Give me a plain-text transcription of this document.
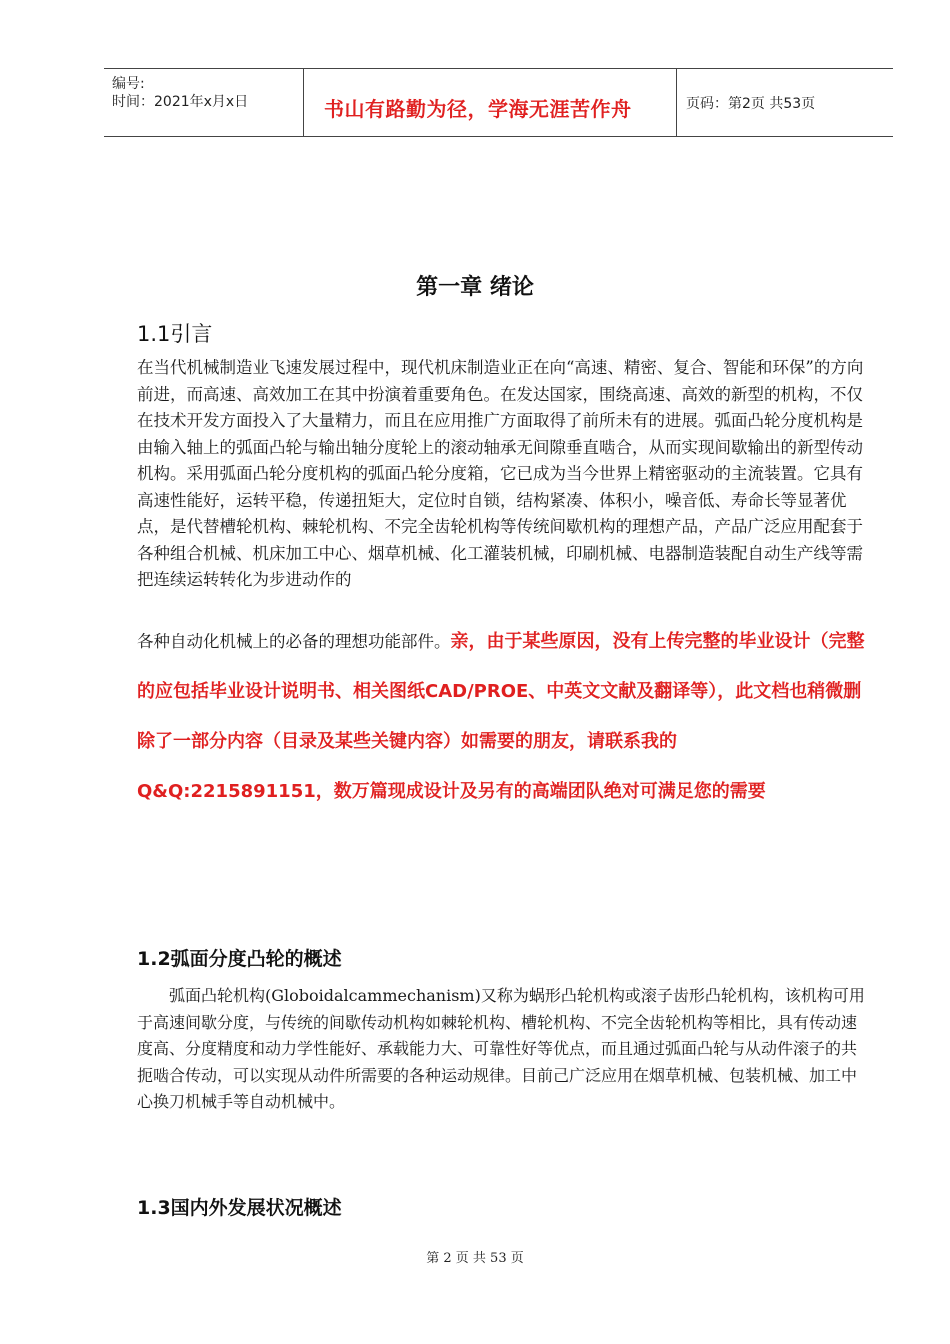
编号:
时间：2021年x月x日	书山有路勤为径，学海无涯苦作舟	页码：第2页 共53页
第一章 绪论
1.1引言
在当代机械制造业飞速发展过程中，现代机床制造业正在向“高速、精密、复合、智能和环保”的方向前进，而高速、高效加工在其中扮演着重要角色。在发达国家，围绕高速、高效的新型的机构，不仅在技术开发方面投入了大量精力，而且在应用推广方面取得了前所未有的进展。弧面凸轮分度机构是由输入轴上的弧面凸轮与输出轴分度轮上的滚动轴承无间隙垂直啮合，从而实现间歇输出的新型传动机构。采用弧面凸轮分度机构的弧面凸轮分度箱，它已成为当今世界上精密驱动的主流装置。它具有高速性能好，运转平稳，传递扭矩大，定位时自锁，结构紧凑、体积小，噪音低、寿命长等显著优点，是代替槽轮机构、棘轮机构、不完全齿轮机构等传统间歇机构的理想产品，产品广泛应用配套于各种组合机械、机床加工中心、烟草机械、化工灌装机械，印刷机械、电器制造装配自动生产线等需把连续运转转化为步进动作的
各种自动化机械上的必备的理想功能部件。亲，由于某些原因，没有上传完整的毕业设计（完整的应包括毕业设计说明书、相关图纸CAD/PROE、中英文文献及翻译等），此文档也稍微删除了一部分内容（目录及某些关键内容）如需要的朋友，请联系我的Q&Q:2215891151，数万篇现成设计及另有的高端团队绝对可满足您的需要
1.2弧面分度凸轮的概述
弧面凸轮机构(Globoidalcammechanism)又称为蜗形凸轮机构或滚子齿形凸轮机构，该机构可用于高速间歇分度，与传统的间歇传动机构如棘轮机构、槽轮机构、不完全齿轮机构等相比，具有传动速度高、分度精度和动力学性能好、承载能力大、可靠性好等优点，而且通过弧面凸轮与从动件滚子的共扼啮合传动，可以实现从动件所需要的各种运动规律。目前己广泛应用在烟草机械、包装机械、加工中心换刀机械手等自动机械中。
1.3国内外发展状况概述
第 2 页 共 53 页
